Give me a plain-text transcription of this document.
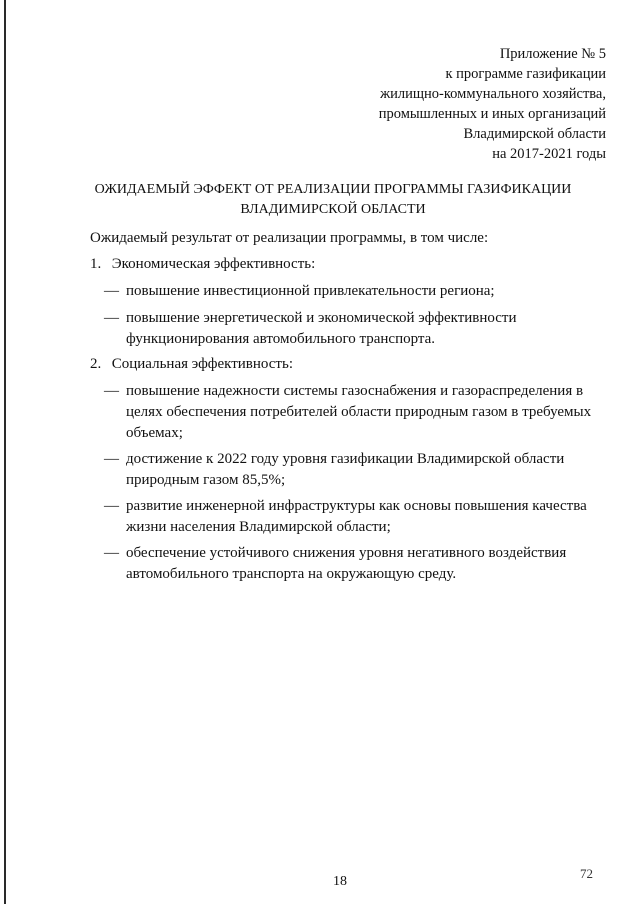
Приложение № 5
к программе газификации
жилищно-коммунального хозяйства,
промышленных и иных организаций
Владимирской области
на 2017-2021 годы
ОЖИДАЕМЫЙ ЭФФЕКТ ОТ РЕАЛИЗАЦИИ ПРОГРАММЫ ГАЗИФИКАЦИИ
ВЛАДИМИРСКОЙ ОБЛАСТИ
Ожидаемый результат от реализации программы, в том числе:
1. Экономическая эффективность:
— повышение инвестиционной привлекательности региона;
— повышение энергетической и экономической эффективности функционирования автомобильного транспорта.
2. Социальная эффективность:
— повышение надежности системы газоснабжения и газораспределения в целях обеспечения потребителей области природным газом в требуемых объемах;
— достижение к 2022 году уровня газификации Владимирской области природным газом 85,5%;
— развитие инженерной инфраструктуры как основы повышения качества жизни населения Владимирской области;
— обеспечение устойчивого снижения уровня негативного воздействия автомобильного транспорта на окружающую среду.
18
72
